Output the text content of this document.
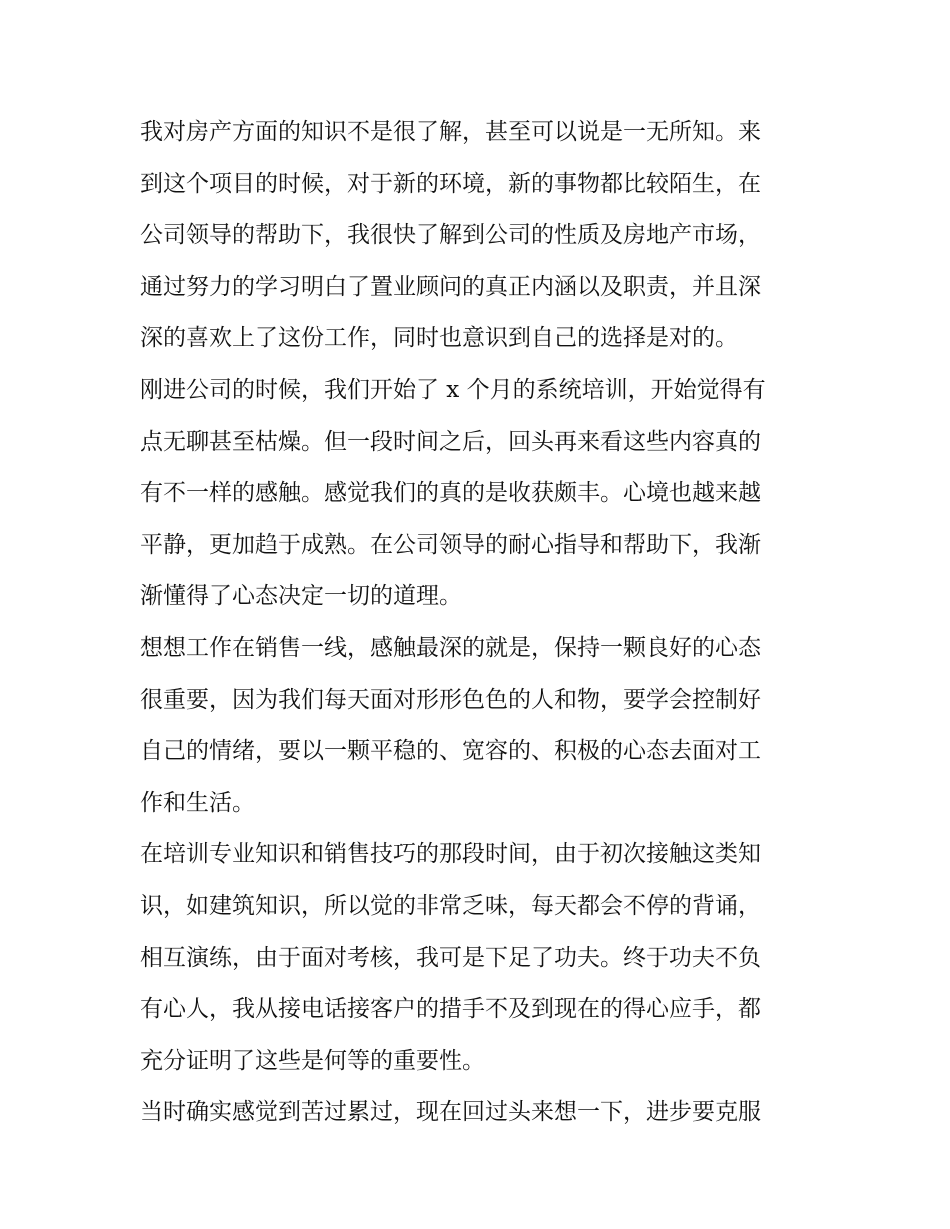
我对房产方面的知识不是很了解，甚至可以说是一无所知。来
到这个项目的时候，对于新的环境，新的事物都比较陌生，在
公司领导的帮助下，我很快了解到公司的性质及房地产市场，
通过努力的学习明白了置业顾问的真正内涵以及职责，并且深
深的喜欢上了这份工作，同时也意识到自己的选择是对的。
刚进公司的时候，我们开始了 x 个月的系统培训，开始觉得有
点无聊甚至枯燥。但一段时间之后，回头再来看这些内容真的
有不一样的感触。感觉我们的真的是收获颇丰。心境也越来越
平静，更加趋于成熟。在公司领导的耐心指导和帮助下，我渐
渐懂得了心态决定一切的道理。
想想工作在销售一线，感触最深的就是，保持一颗良好的心态
很重要，因为我们每天面对形形色色的人和物，要学会控制好
自己的情绪，要以一颗平稳的、宽容的、积极的心态去面对工
作和生活。
在培训专业知识和销售技巧的那段时间，由于初次接触这类知
识，如建筑知识，所以觉的非常乏味，每天都会不停的背诵，
相互演练，由于面对考核，我可是下足了功夫。终于功夫不负
有心人，我从接电话接客户的措手不及到现在的得心应手，都
充分证明了这些是何等的重要性。
当时确实感觉到苦过累过，现在回过头来想一下，进步要克服
